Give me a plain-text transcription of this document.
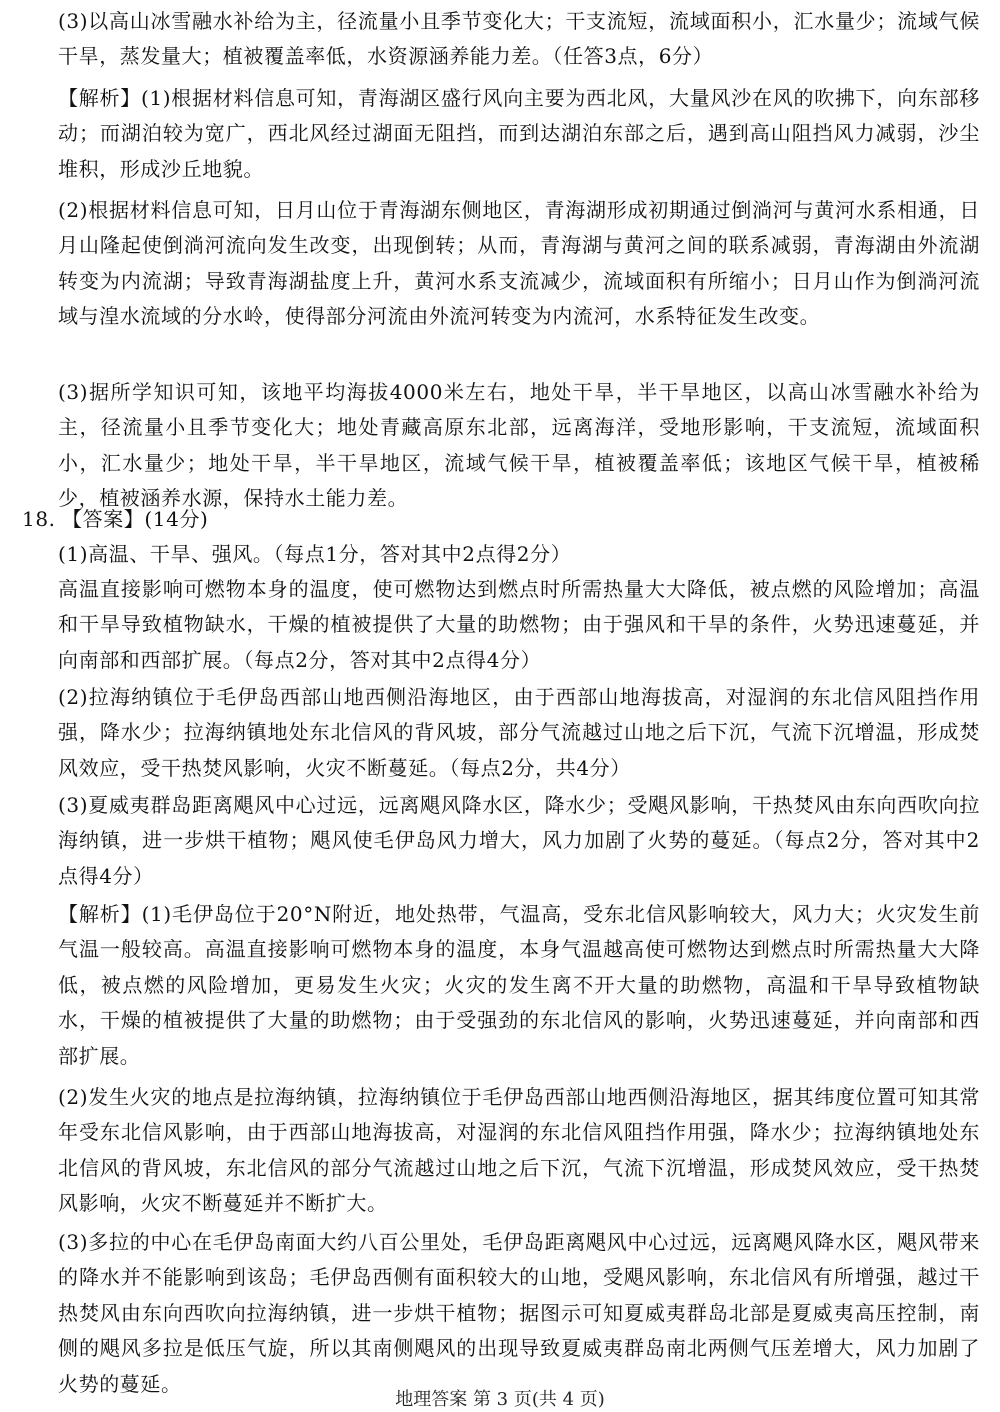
(3)以高山冰雪融水补给为主，径流量小且季节变化大；干支流短，流域面积小，汇水量少；流域气候干旱，蒸发量大；植被覆盖率低，水资源涵养能力差。（任答3点，6分）

【解析】(1)根据材料信息可知，青海湖区盛行风向主要为西北风，大量风沙在风的吹拂下，向东部移动；而湖泊较为宽广，西北风经过湖面无阻挡，而到达湖泊东部之后，遇到高山阻挡风力减弱，沙尘堆积，形成沙丘地貌。

(2)根据材料信息可知，日月山位于青海湖东侧地区，青海湖形成初期通过倒淌河与黄河水系相通，日月山隆起使倒淌河流向发生改变，出现倒转；从而，青海湖与黄河之间的联系减弱，青海湖由外流湖转变为内流湖；导致青海湖盐度上升，黄河水系支流减少，流域面积有所缩小；日月山作为倒淌河流域与湟水流域的分水岭，使得部分河流由外流河转变为内流河，水系特征发生改变。

(3)据所学知识可知，该地平均海拔4000米左右，地处干旱，半干旱地区，以高山冰雪融水补给为主，径流量小且季节变化大；地处青藏高原东北部，远离海洋，受地形影响，干支流短，流域面积小，汇水量少；地处干旱，半干旱地区，流域气候干旱，植被覆盖率低；该地区气候干旱，植被稀少，植被涵养水源，保持水土能力差。

18. 【答案】(14分)

(1)高温、干旱、强风。（每点1分，答对其中2点得2分）

高温直接影响可燃物本身的温度，使可燃物达到燃点时所需热量大大降低，被点燃的风险增加；高温和干旱导致植物缺水，干燥的植被提供了大量的助燃物；由于强风和干旱的条件，火势迅速蔓延，并向南部和西部扩展。（每点2分，答对其中2点得4分）

(2)拉海纳镇位于毛伊岛西部山地西侧沿海地区，由于西部山地海拔高，对湿润的东北信风阻挡作用强，降水少；拉海纳镇地处东北信风的背风坡，部分气流越过山地之后下沉，气流下沉增温，形成焚风效应，受干热焚风影响，火灾不断蔓延。（每点2分，共4分）

(3)夏威夷群岛距离飓风中心过远，远离飓风降水区，降水少；受飓风影响，干热焚风由东向西吹向拉海纳镇，进一步烘干植物；飓风使毛伊岛风力增大，风力加剧了火势的蔓延。（每点2分，答对其中2点得4分）

【解析】(1)毛伊岛位于20°N附近，地处热带，气温高，受东北信风影响较大，风力大；火灾发生前气温一般较高。高温直接影响可燃物本身的温度，本身气温越高使可燃物达到燃点时所需热量大大降低，被点燃的风险增加，更易发生火灾；火灾的发生离不开大量的助燃物，高温和干旱导致植物缺水，干燥的植被提供了大量的助燃物；由于受强劲的东北信风的影响，火势迅速蔓延，并向南部和西部扩展。

(2)发生火灾的地点是拉海纳镇，拉海纳镇位于毛伊岛西部山地西侧沿海地区，据其纬度位置可知其常年受东北信风影响，由于西部山地海拔高，对湿润的东北信风阻挡作用强，降水少；拉海纳镇地处东北信风的背风坡，东北信风的部分气流越过山地之后下沉，气流下沉增温，形成焚风效应，受干热焚风影响，火灾不断蔓延并不断扩大。

(3)多拉的中心在毛伊岛南面大约八百公里处，毛伊岛距离飓风中心过远，远离飓风降水区，飓风带来的降水并不能影响到该岛；毛伊岛西侧有面积较大的山地，受飓风影响，东北信风有所增强，越过干热焚风由东向西吹向拉海纳镇，进一步烘干植物；据图示可知夏威夷群岛北部是夏威夷高压控制，南侧的飓风多拉是低压气旋，所以其南侧飓风的出现导致夏威夷群岛南北两侧气压差增大，风力加剧了火势的蔓延。

地理答案 第 3 页(共 4 页)
